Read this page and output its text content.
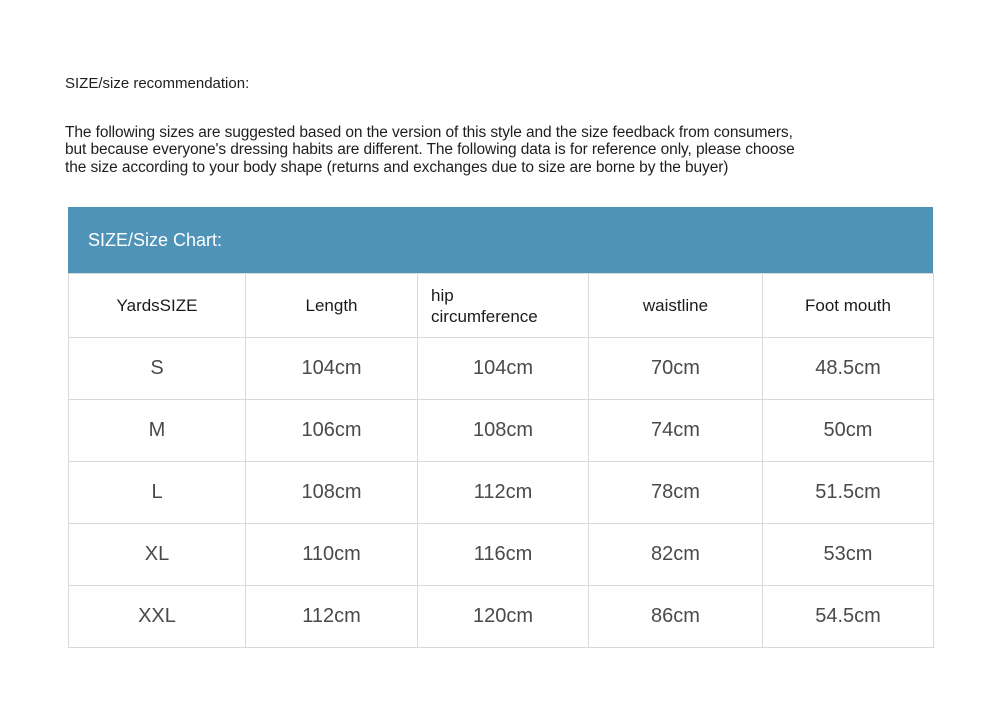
SIZE/size recommendation:
The following sizes are suggested based on the version of this style and the size feedback from consumers,
but because everyone's dressing habits are different. The following data is for reference only, please choose
the size according to your body shape (returns and exchanges due to size are borne by the buyer)
SIZE/Size Chart:
YardsSIZE	Length	hip circumference	waistline	Foot mouth
S	104cm	104cm	70cm	48.5cm
M	106cm	108cm	74cm	50cm
L	108cm	112cm	78cm	51.5cm
XL	110cm	116cm	82cm	53cm
XXL	112cm	120cm	86cm	54.5cm
